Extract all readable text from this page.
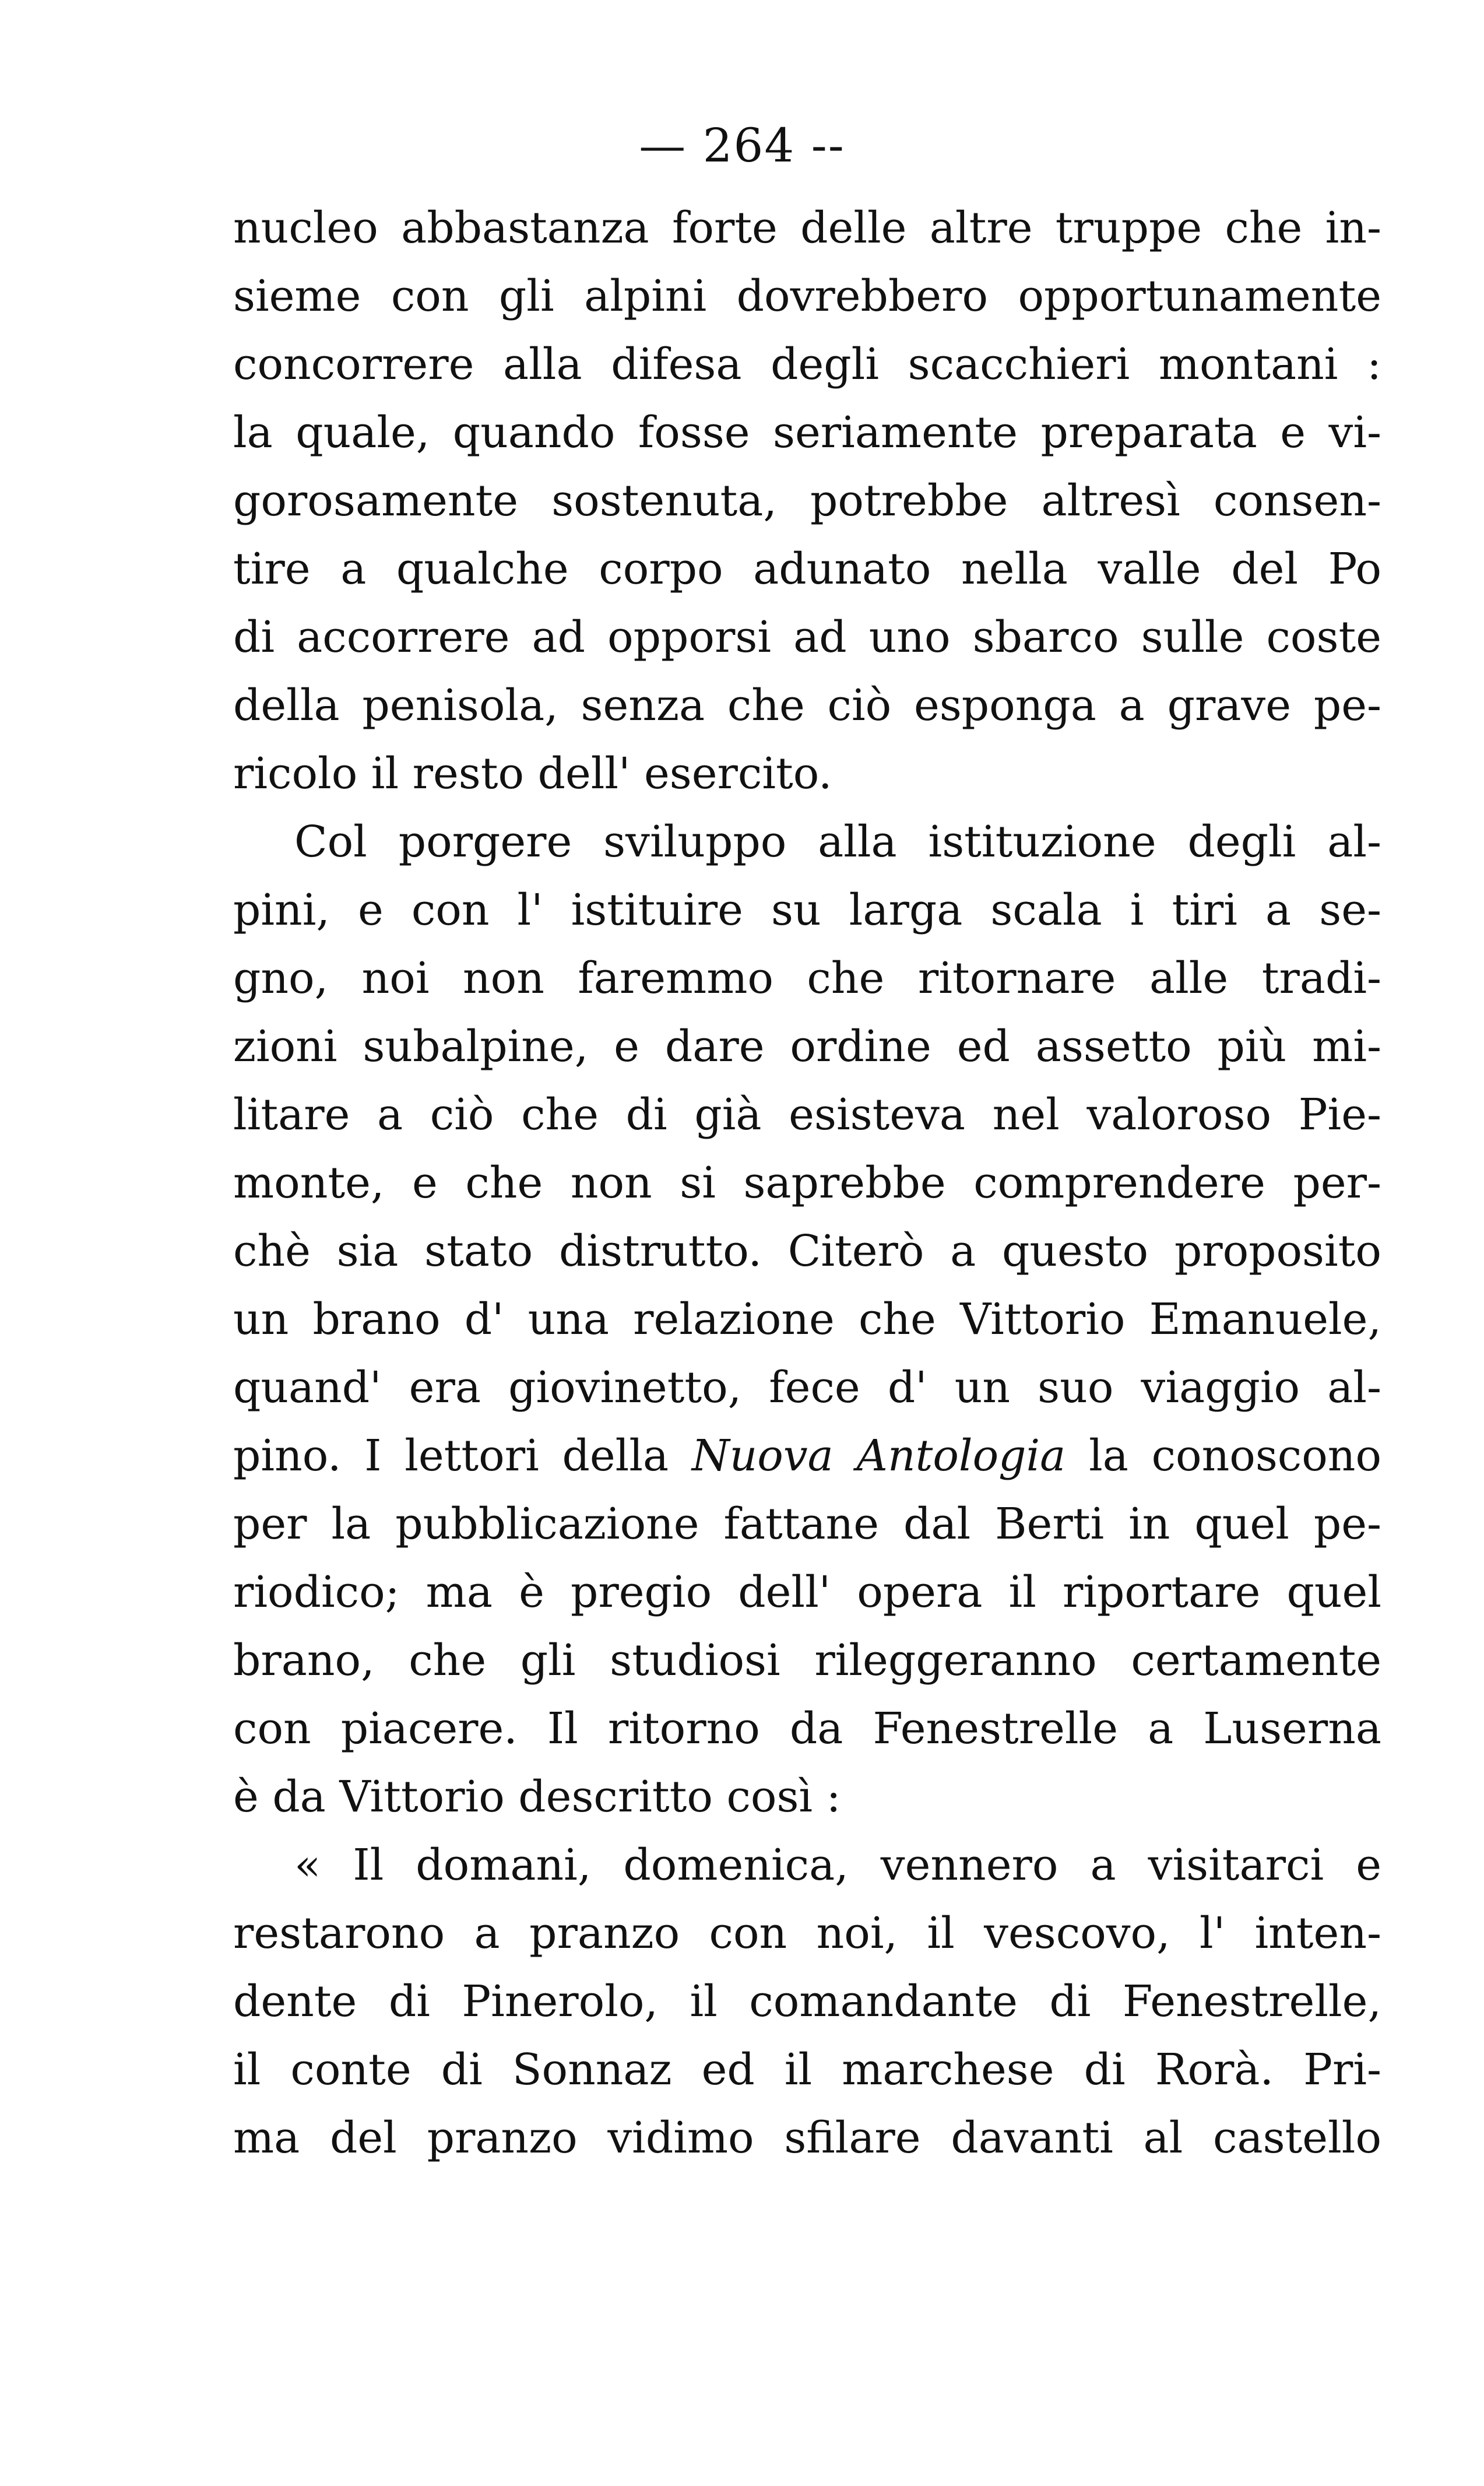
— 264 --
nucleo abbastanza forte delle altre truppe che in-
sieme con gli alpini dovrebbero opportunamente
concorrere alla difesa degli scacchieri montani :
la quale, quando fosse seriamente preparata e vi-
gorosamente sostenuta, potrebbe altresì consen-
tire a qualche corpo adunato nella valle del Po
di accorrere ad opporsi ad uno sbarco sulle coste
della penisola, senza che ciò esponga a grave pe-
ricolo il resto dell' esercito.
Col porgere sviluppo alla istituzione degli al-
pini, e con l' istituire su larga scala i tiri a se-
gno, noi non faremmo che ritornare alle tradi-
zioni subalpine, e dare ordine ed assetto più mi-
litare a ciò che di già esisteva nel valoroso Pie-
monte, e che non si saprebbe comprendere per-
chè sia stato distrutto. Citerò a questo proposito
un brano d' una relazione che Vittorio Emanuele,
quand' era giovinetto, fece d' un suo viaggio al-
pino. I lettori della Nuova Antologia la conoscono
per la pubblicazione fattane dal Berti in quel pe-
riodico; ma è pregio dell' opera il riportare quel
brano, che gli studiosi rileggeranno certamente
con piacere. Il ritorno da Fenestrelle a Luserna
è da Vittorio descritto così :
« Il domani, domenica, vennero a visitarci e
restarono a pranzo con noi, il vescovo, l' inten-
dente di Pinerolo, il comandante di Fenestrelle,
il conte di Sonnaz ed il marchese di Rorà. Pri-
ma del pranzo vidimo sfilare davanti al castello
